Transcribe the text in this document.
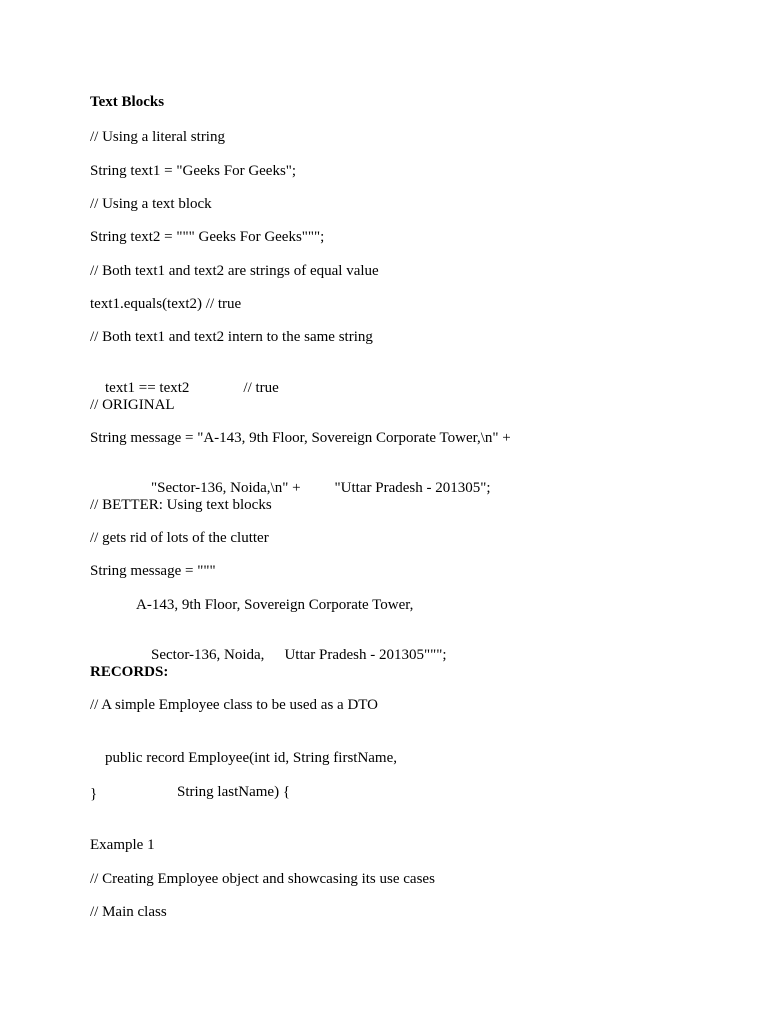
Text Blocks
// Using a literal string
String text1 = "Geeks For Geeks";
// Using a text block
String text2 = """ Geeks For Geeks""";
// Both text1 and text2 are strings of equal value
text1.equals(text2) // true
// Both text1 and text2 intern to the same string

text1 == text2	// true

// ORIGINAL
String message = "A-143, 9th Floor, Sovereign Corporate Tower,\n" +

"Sector-136, Noida,\n" + "Uttar Pradesh - 201305";

// BETTER: Using text blocks
// gets rid of lots of the clutter
String message = """
A-143, 9th Floor, Sovereign Corporate Tower,

Sector-136, Noida, Uttar Pradesh - 201305""";

RECORDS:
// A simple Employee class to be used as a DTO

public record Employee(int id, String firstName,

String lastName) {

}
Example 1
// Creating Employee object and showcasing its use cases
// Main class
